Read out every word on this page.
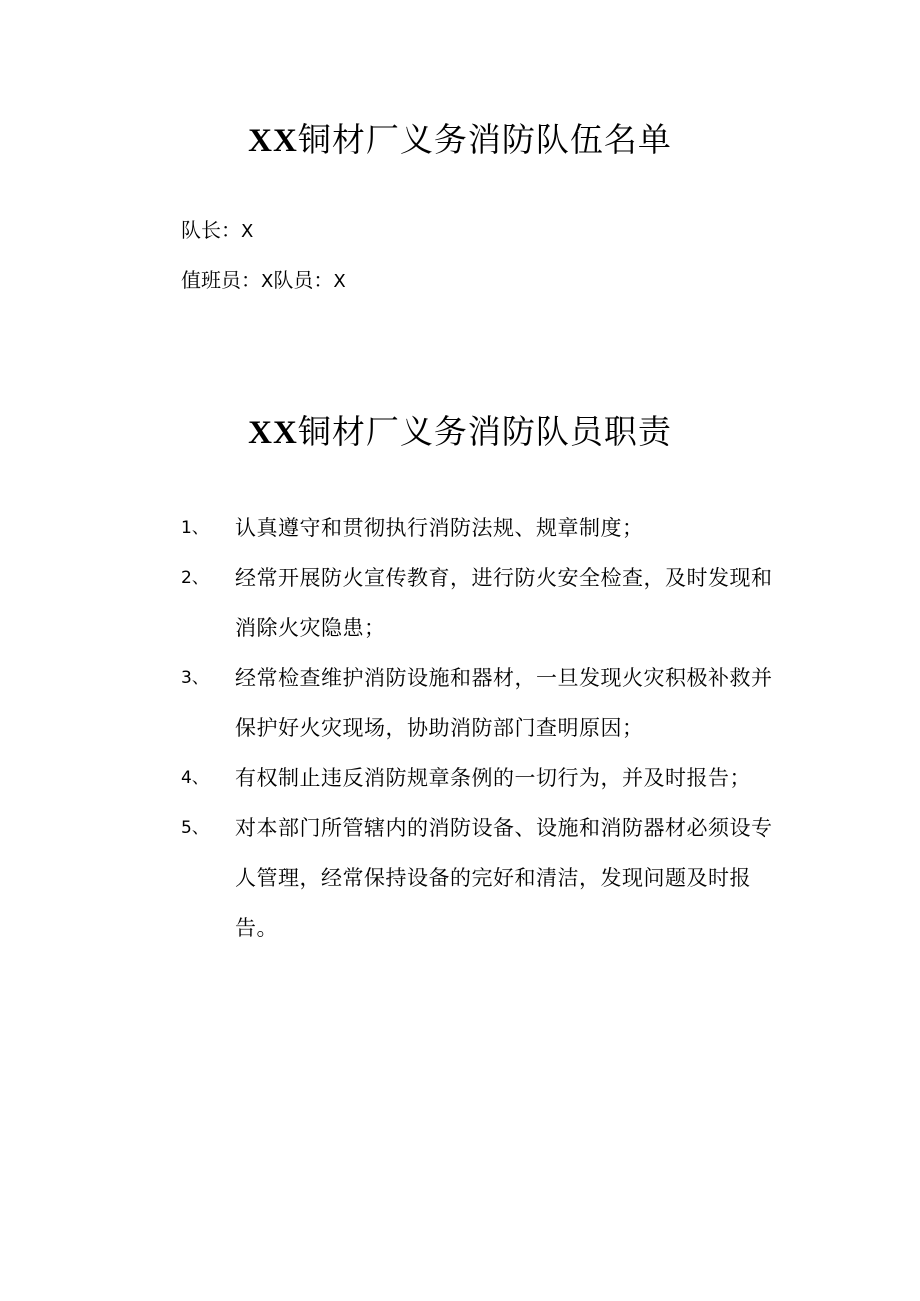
XX铜材厂义务消防队伍名单
队长：X
值班员：X队员：X
XX铜材厂义务消防队员职责
1、 认真遵守和贯彻执行消防法规、规章制度；
2、 经常开展防火宣传教育，进行防火安全检查，及时发现和消除火灾隐患；
3、 经常检查维护消防设施和器材，一旦发现火灾积极补救并保护好火灾现场，协助消防部门查明原因；
4、 有权制止违反消防规章条例的一切行为，并及时报告；
5、 对本部门所管辖内的消防设备、设施和消防器材必须设专人管理，经常保持设备的完好和清洁，发现问题及时报告。
